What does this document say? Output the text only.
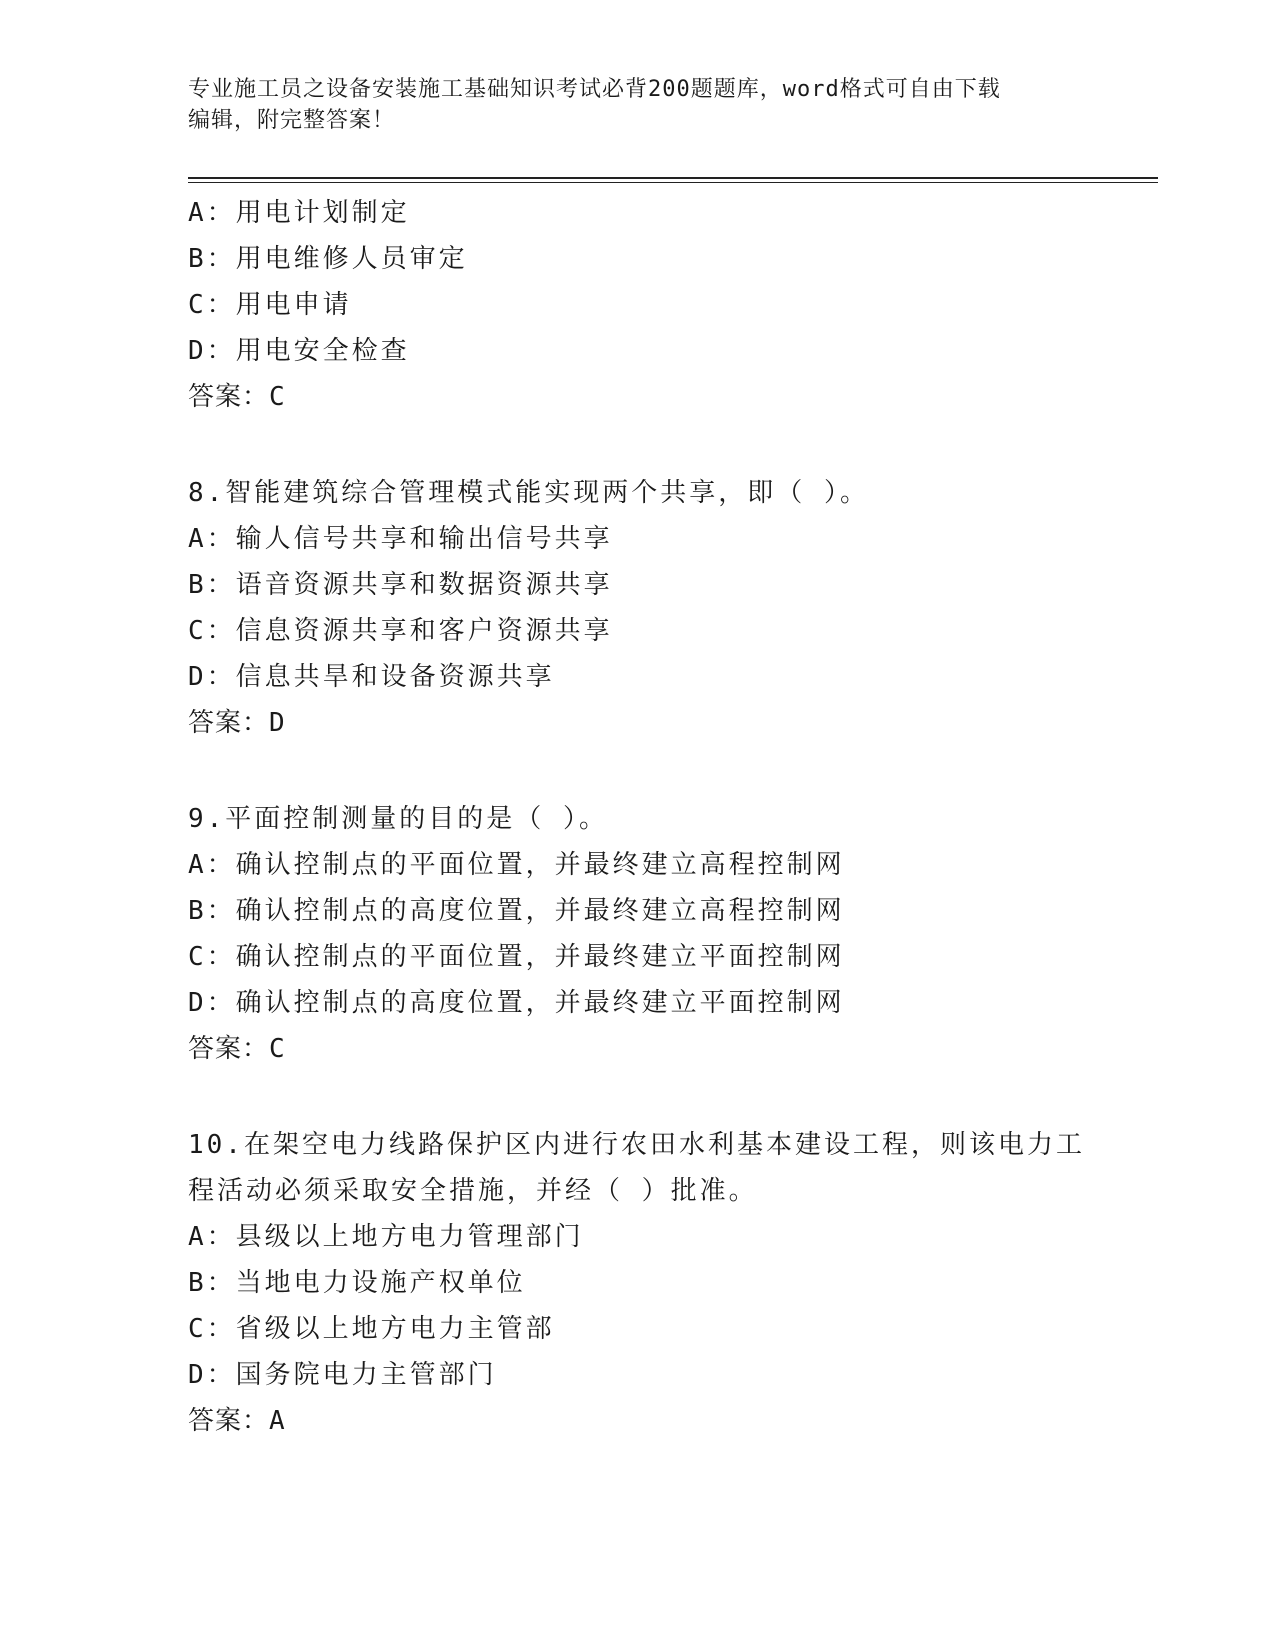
专业施工员之设备安装施工基础知识考试必背200题题库，word格式可自由下载
编辑，附完整答案！
A：用电计划制定
B：用电维修人员审定
C：用电申请
D：用电安全检查
答案：C
8.智能建筑综合管理模式能实现两个共享，即（ ）。
A：输人信号共享和输出信号共享
B：语音资源共享和数据资源共享
C：信息资源共享和客户资源共享
D：信息共旱和设备资源共享
答案：D
9.平面控制测量的目的是（ ）。
A：确认控制点的平面位置，并最终建立高程控制网
B：确认控制点的高度位置，并最终建立高程控制网
C：确认控制点的平面位置，并最终建立平面控制网
D：确认控制点的高度位置，并最终建立平面控制网
答案：C
10.在架空电力线路保护区内进行农田水利基本建设工程，则该电力工
程活动必须采取安全措施，并经（ ）批准。
A：县级以上地方电力管理部门
B：当地电力设施产权单位
C：省级以上地方电力主管部
D：国务院电力主管部门
答案：A
